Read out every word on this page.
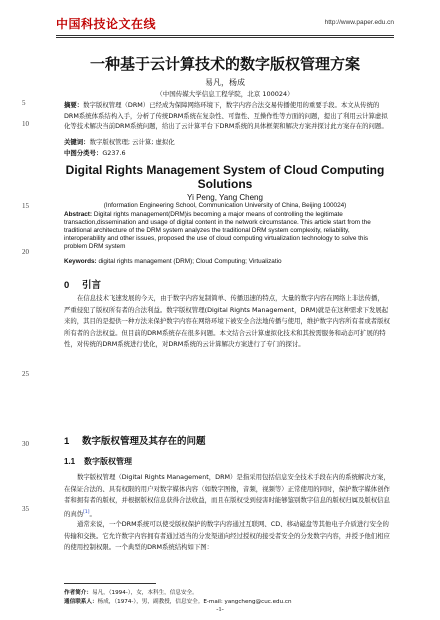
中国科技论文在线	http://www.paper.edu.cn
5
10
15
20
25
30
35
一种基于云计算技术的数字版权管理方案
易凡，杨成
（中国传媒大学信息工程学院，北京 100024）
摘要：数字版权管理（DRM）已经成为保障网络环境下，数字内容合法交易传播使用的重要手段。本文从传统的DRM系统体系结构入手，分析了传统DRM系统在复杂性、可靠性、互操作性等方面的问题，提出了利用云计算虚拟化等技术解决当前DRM系统问题，给出了云计算平台下DRM系统的具体框架和解决方案并探讨此方案存在的问题。
关键词：数字版权管理; 云计算; 虚拟化
中图分类号：G237.6
Digital Rights Management System of Cloud Computing Solutions
Yi Peng, Yang Cheng
(Information Engineering School, Communication University of China, Beijing 100024)
Abstract: Digital rights management(DRM)is becoming a major means of controlling the legitimate transaction,dissemination and usage of digital content in the network circumstance. This article start from the traditional architecture of the DRM system analyzes the traditional DRM system complexity, reliability, interoperability and other issues, proposed the use of cloud computing virtualization technology to solve this problem DRM system
Keywords: digital rights management (DRM); Cloud Computing; Virtualizatio
0 引言
在信息技术飞速发展的今天，由于数字内容复制简单、传播迅速的特点，大量的数字内容在网络上非法传播，严重侵犯了版权所有者的合法利益。数字版权管理(Digital Rights Management，DRM)就是在这种需求下发展起来的，其目的是提供一种方法来保护数字内容在网络环境下被安全合法地传播与使用，维护数字内容所有者或者版权所有者的合法权益。但目前的DRM系统存在很多问题。本文结合云计算虚拟化技术和其按需服务和动态可扩展的特性，对传统的DRM系统进行优化，对DRM系统的云计算解决方案进行了专门的探讨。
1 数字版权管理及其存在的问题
1.1 数字版权管理
数字版权管理（Digital Rights Management，DRM）是指采用包括信息安全技术手段在内的系统解决方案，在保证合法的、具有权限的用户对数字媒体内容（如数字图像，音频，视频等）正常使用的同时，保护数字媒体创作者和拥有者的版权，并根据版权信息获得合法收益，而且在版权受到侵害时能够鉴别数字信息的版权归属及版权信息的真伪[1]。
通常来说，一个DRM系统可以使受版权保护的数字内容通过互联网、CD、移动磁盘等其他电子介质进行安全的传输和交换。它允许数字内容拥有者通过适当的分发渠道向经过授权的接受者安全的分发数字内容，并授予他们相应的使用控制权限。一个典型的DRM系统结构如下图：
作者简介：易凡，（1994-），女，本科生，信息安全。
通信联系人：杨成，（1974-），男，副教授，信息安全。E-mail: yangcheng@cuc.edu.cn
-1-
